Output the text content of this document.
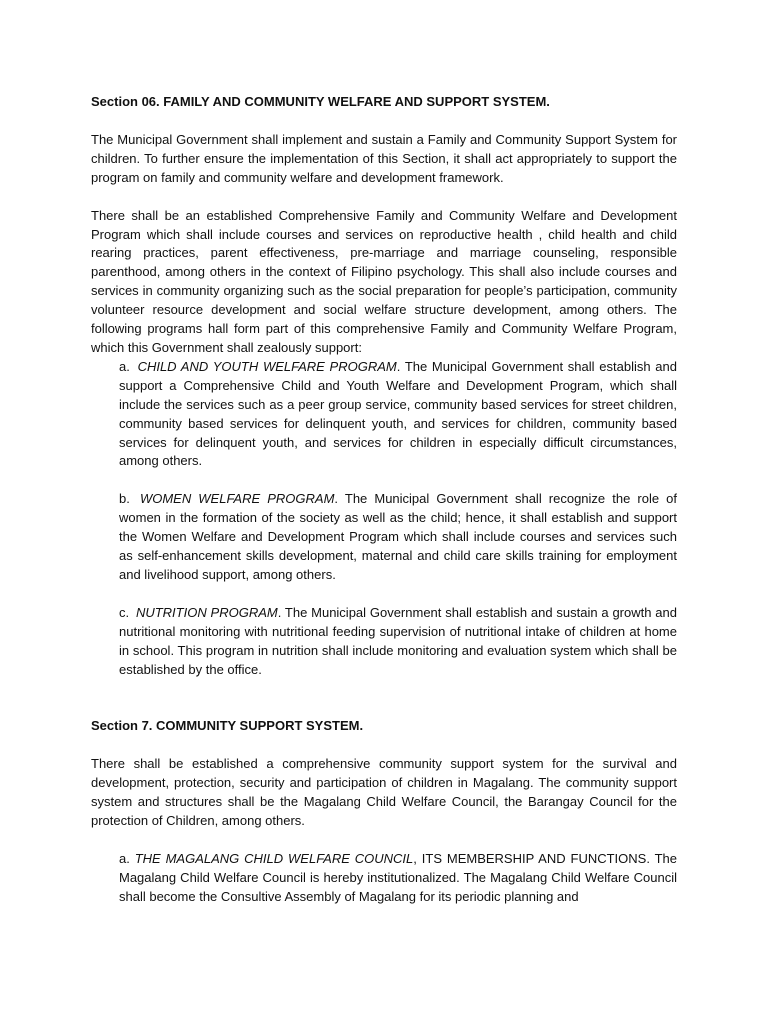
Section 06. FAMILY AND COMMUNITY WELFARE AND SUPPORT SYSTEM.
The Municipal Government shall implement and sustain a Family and Community Support System for children. To further ensure the implementation of this Section, it shall act appropriately to support the program on family and community welfare and development framework.
There shall be an established Comprehensive Family and Community Welfare and Development Program which shall include courses and services on reproductive health , child health and child rearing practices, parent effectiveness, pre-marriage and marriage counseling, responsible parenthood, among others in the context of Filipino psychology. This shall also include courses and services in community organizing such as the social preparation for people’s participation, community volunteer resource development and social welfare structure development, among others. The following programs hall form part of this comprehensive Family and Community Welfare Program, which this Government shall zealously support:
a. CHILD AND YOUTH WELFARE PROGRAM. The Municipal Government shall establish and support a Comprehensive Child and Youth Welfare and Development Program, which shall include the services such as a peer group service, community based services for street children, community based services for delinquent youth, and services for children, community based services for delinquent youth, and services for children in especially difficult circumstances, among others.
b. WOMEN WELFARE PROGRAM. The Municipal Government shall recognize the role of women in the formation of the society as well as the child; hence, it shall establish and support the Women Welfare and Development Program which shall include courses and services such as self-enhancement skills development, maternal and child care skills training for employment and livelihood support, among others.
c. NUTRITION PROGRAM. The Municipal Government shall establish and sustain a growth and nutritional monitoring with nutritional feeding supervision of nutritional intake of children at home in school. This program in nutrition shall include monitoring and evaluation system which shall be established by the office.
Section 7. COMMUNITY SUPPORT SYSTEM.
There shall be established a comprehensive community support system for the survival and development, protection, security and participation of children in Magalang. The community support system and structures shall be the Magalang Child Welfare Council, the Barangay Council for the protection of Children, among others.
a. THE MAGALANG CHILD WELFARE COUNCIL, ITS MEMBERSHIP AND FUNCTIONS. The Magalang Child Welfare Council is hereby institutionalized. The Magalang Child Welfare Council shall become the Consultive Assembly of Magalang for its periodic planning and
